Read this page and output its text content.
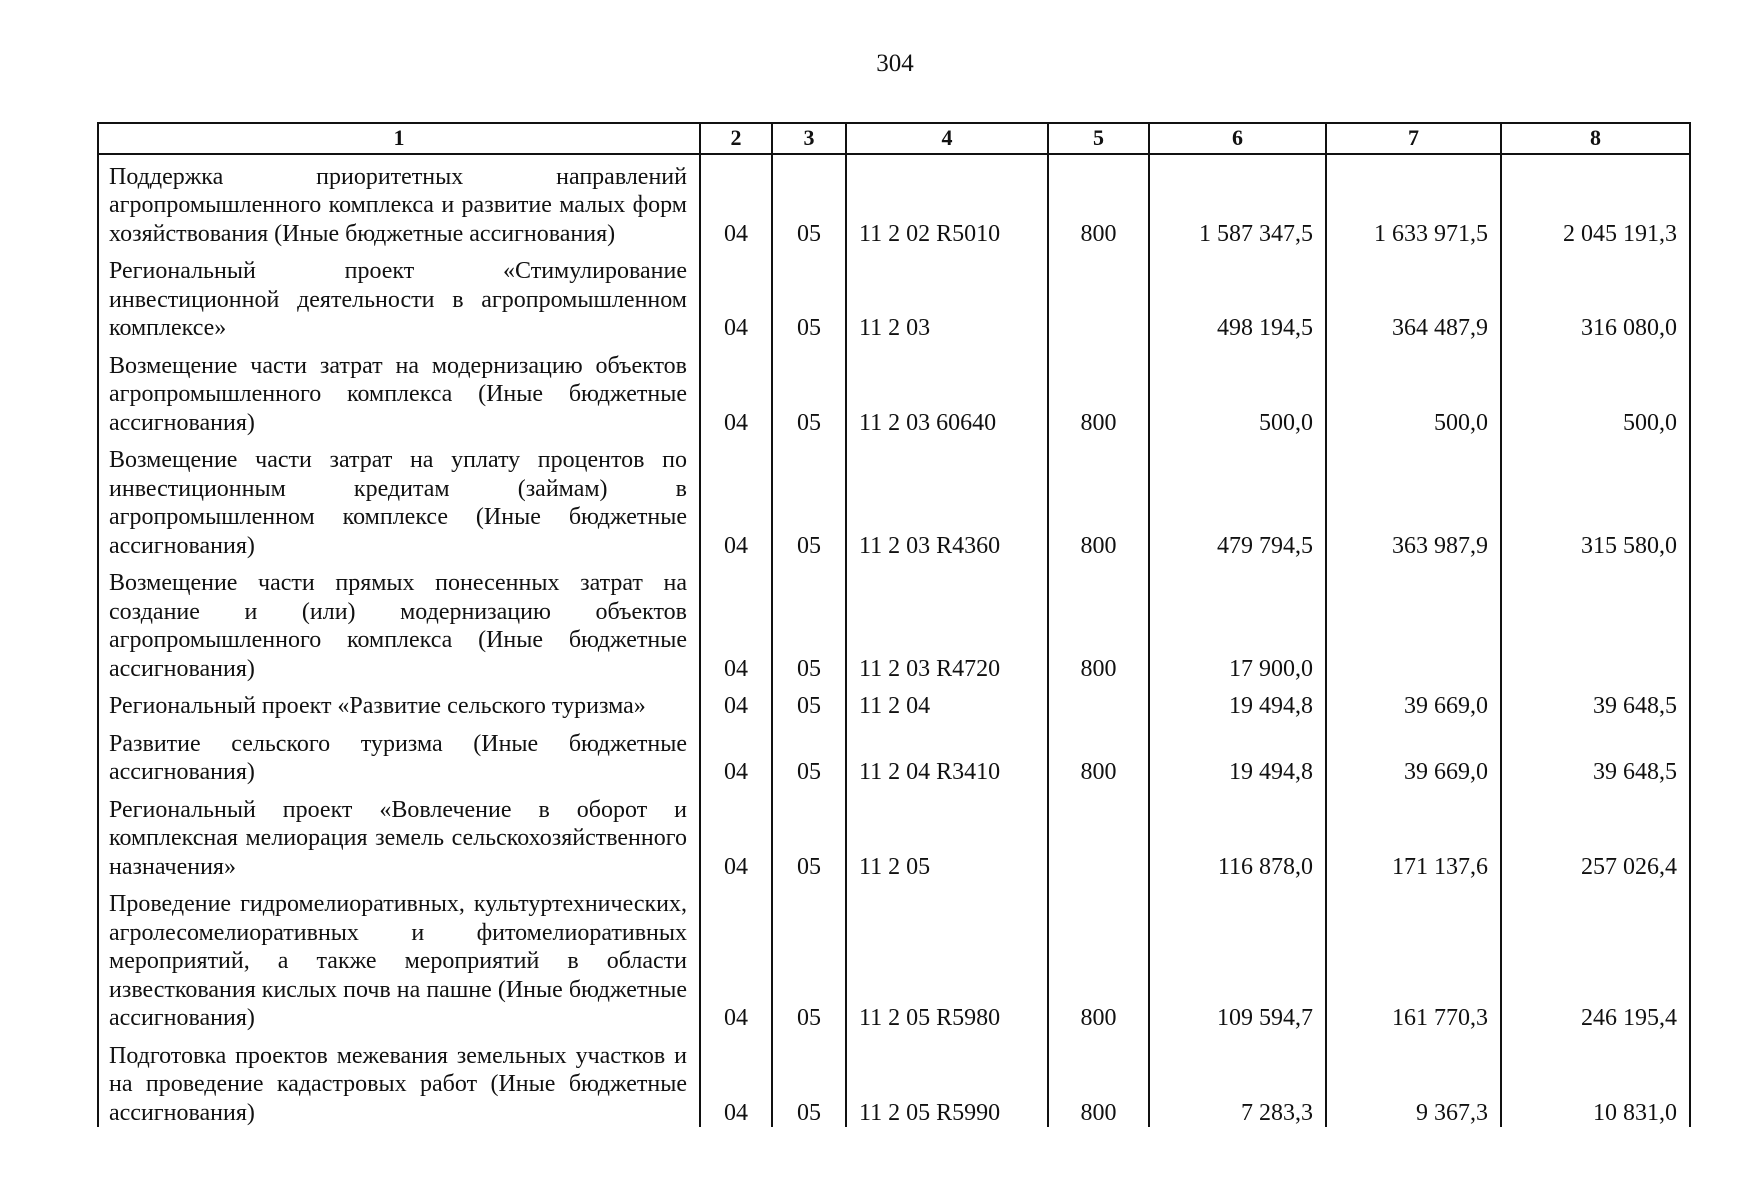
304
1	2	3	4	5	6	7	8
Поддержка приоритетных направлений агропромышленного комплекса и развитие малых форм хозяйствования (Иные бюджетные ассигнования)	04	05	11 2 02 R5010	800	1 587 347,5	1 633 971,5	2 045 191,3
Региональный проект «Стимулирование инвестиционной деятельности в агропромышленном комплексе»	04	05	11 2 03		498 194,5	364 487,9	316 080,0
Возмещение части затрат на модернизацию объектов агропромышленного комплекса (Иные бюджетные ассигнования)	04	05	11 2 03 60640	800	500,0	500,0	500,0
Возмещение части затрат на уплату процентов по инвестиционным кредитам (займам) в агропромышленном комплексе (Иные бюджетные ассигнования)	04	05	11 2 03 R4360	800	479 794,5	363 987,9	315 580,0
Возмещение части прямых понесенных затрат на создание и (или) модернизацию объектов агропромышленного комплекса (Иные бюджетные ассигнования)	04	05	11 2 03 R4720	800	17 900,0		
Региональный проект «Развитие сельского туризма»	04	05	11 2 04		19 494,8	39 669,0	39 648,5
Развитие сельского туризма (Иные бюджетные ассигнования)	04	05	11 2 04 R3410	800	19 494,8	39 669,0	39 648,5
Региональный проект «Вовлечение в оборот и комплексная мелиорация земель сельскохозяйственного назначения»	04	05	11 2 05		116 878,0	171 137,6	257 026,4
Проведение гидромелиоративных, культуртехнических, агролесомелиоративных и фитомелиоративных мероприятий, а также мероприятий в области известкования кислых почв на пашне (Иные бюджетные ассигнования)	04	05	11 2 05 R5980	800	109 594,7	161 770,3	246 195,4
Подготовка проектов межевания земельных участков и на проведение кадастровых работ (Иные бюджетные ассигнования)	04	05	11 2 05 R5990	800	7 283,3	9 367,3	10 831,0
